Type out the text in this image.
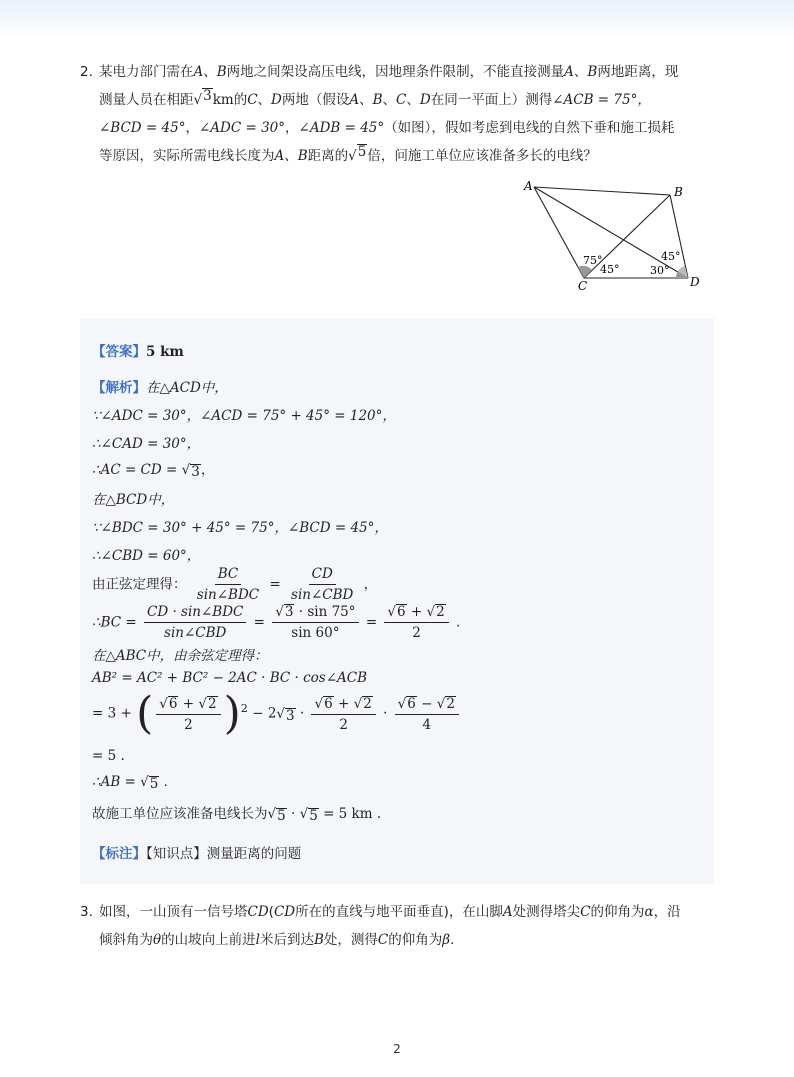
2. 某电力部门需在A、B两地之间架设高压电线，因地理条件限制，不能直接测量A、B两地距离，现
测量人员在相距 √ 3 km的C、D两地（假设A、B、C、D在同一平面上）测得∠ACB = 75°，
∠BCD = 45°，∠ADC = 30°，∠ADB = 45°（如图），假如考虑到电线的自然下垂和施工损耗
等原因，实际所需电线长度为A、B距离的 √ 5 倍，问施工单位应该准备多长的电线？
A	B
C	D
75°
45°	30°
45°
【答案】5 km
【解析】在△ACD中，
∵∠ADC = 30°，∠ACD = 75° + 45° = 120°，
∴∠CAD = 30°，
∴AC = CD = √ 3 ，
在△BCD中，
∵∠BDC = 30° + 45° = 75°，∠BCD = 45°，
∴∠CBD = 60°，
由正弦定理得： $\frac{BC}{\text{sin∠BDC}} = \frac{CD}{\text{sin∠CBD}}$ ，
∴BC = $\frac{\text{CD · sin∠BDC}}{\text{sin∠CBD}} = \frac{√ 3 \cdot \sin 75^\circ}{\sin 60^\circ} = \frac{√ 6 + √ 2}{2}$ .
在△ABC中，由余弦定理得：
AB² = AC² + BC² − 2AC · BC · cos∠ACB
= 3 + ( $\frac{√ 6 + √ 2}{2} )^2 - 2$ √ $3 \cdot \frac{√ 6 + √ 2}{2} \cdot \frac{√ 6 - √ 2}{4}$
= 5 .
∴AB = √ 5 .
故施工单位应该准备电线长为 √ 5 · √ 5 = 5 km .
【标注】【知识点】测量距离的问题
3. 如图，一山顶有一信号塔CD(CD所在的直线与地平面垂直)，在山脚A处测得塔尖C的仰角为α，沿
倾斜角为θ的山坡向上前进l米后到达B处，测得C的仰角为β.
2
